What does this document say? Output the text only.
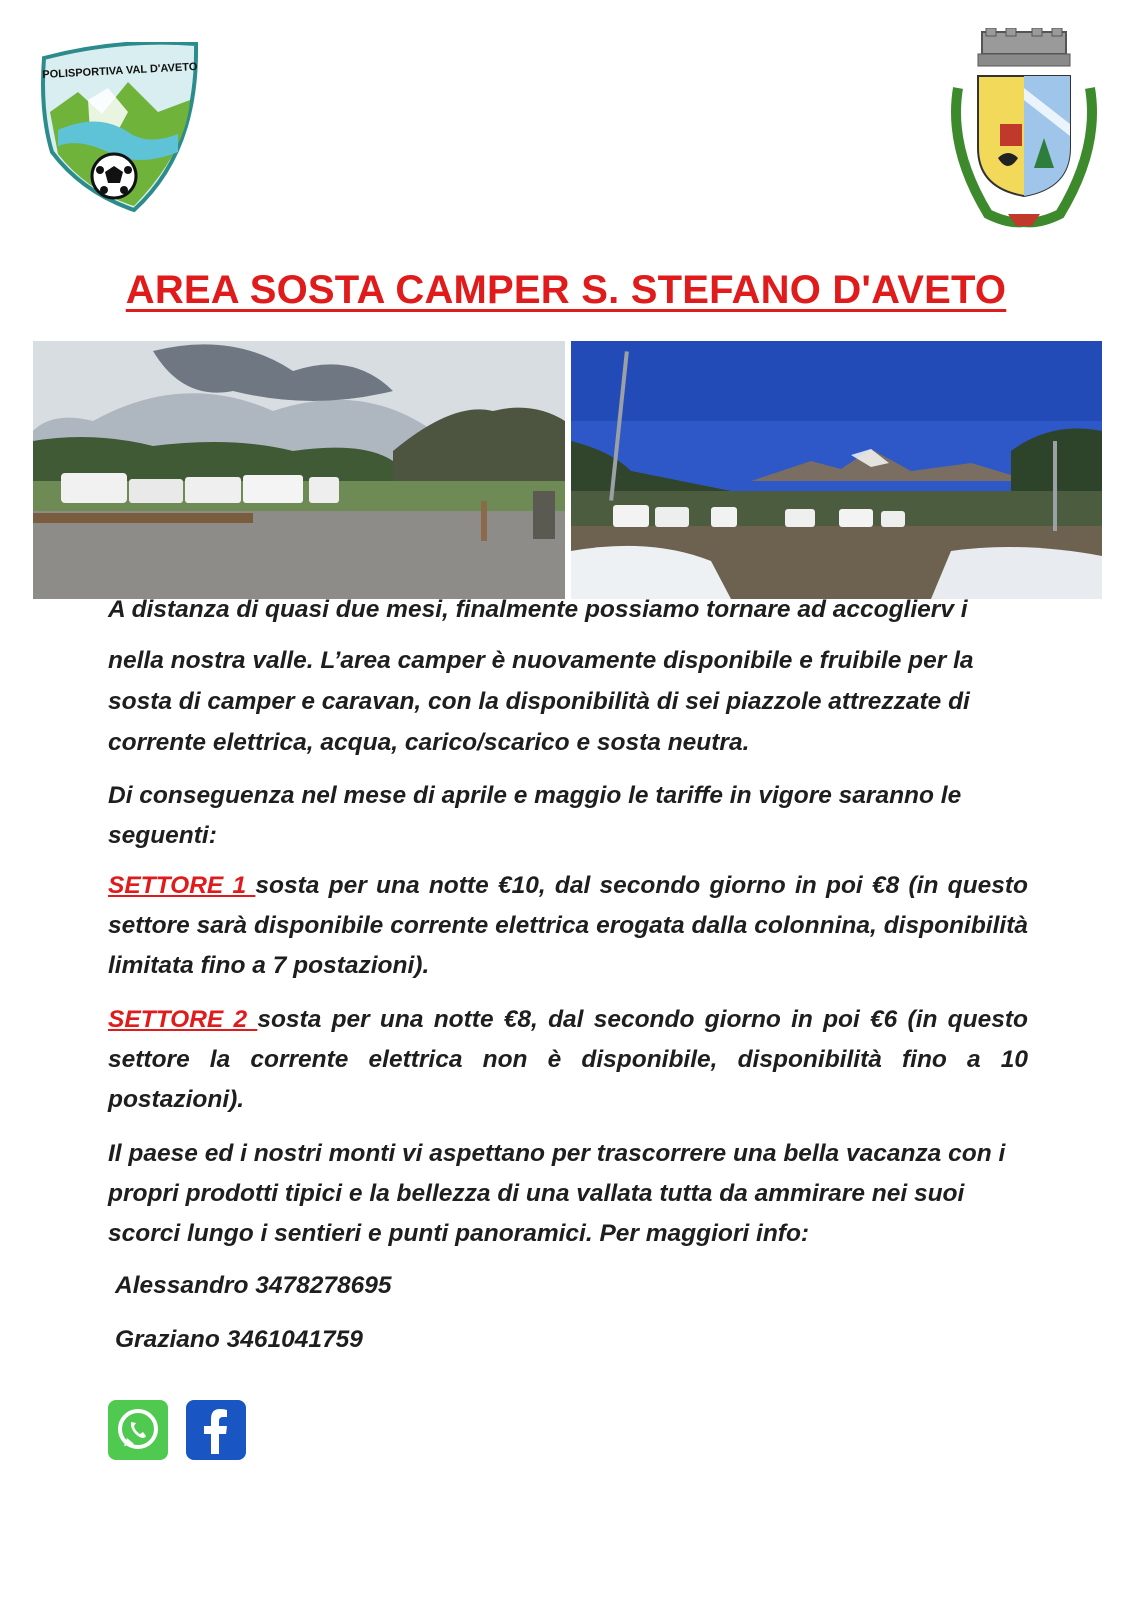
POLISPORTIVA VAL D'AVETO
AREA SOSTA CAMPER S. STEFANO D'AVETO

A distanza di quasi due mesi, finalmente possiamo tornare ad accoglierv i

nella nostra valle. L’area camper è nuovamente disponibile e fruibile per la sosta di camper e caravan, con la disponibilità di sei piazzole attrezzate di corrente elettrica, acqua, carico/scarico e sosta neutra.

Di conseguenza nel mese di aprile e maggio le tariffe in vigore saranno le seguenti:

SETTORE 1 sosta per una notte €10, dal secondo giorno in poi €8 (in questo settore sarà disponibile corrente elettrica erogata dalla colonnina, disponibilità limitata fino a 7 postazioni).

SETTORE 2 sosta per una notte €8, dal secondo giorno in poi €6 (in questo settore la corrente elettrica non è disponibile, disponibilità fino a 10 postazioni).

Il paese ed i nostri monti vi aspettano per trascorrere una bella vacanza con i propri prodotti tipici e la bellezza di una vallata tutta da ammirare nei suoi scorci lungo i sentieri e punti panoramici. Per maggiori info:

Alessandro 3478278695
Graziano 3461041759
